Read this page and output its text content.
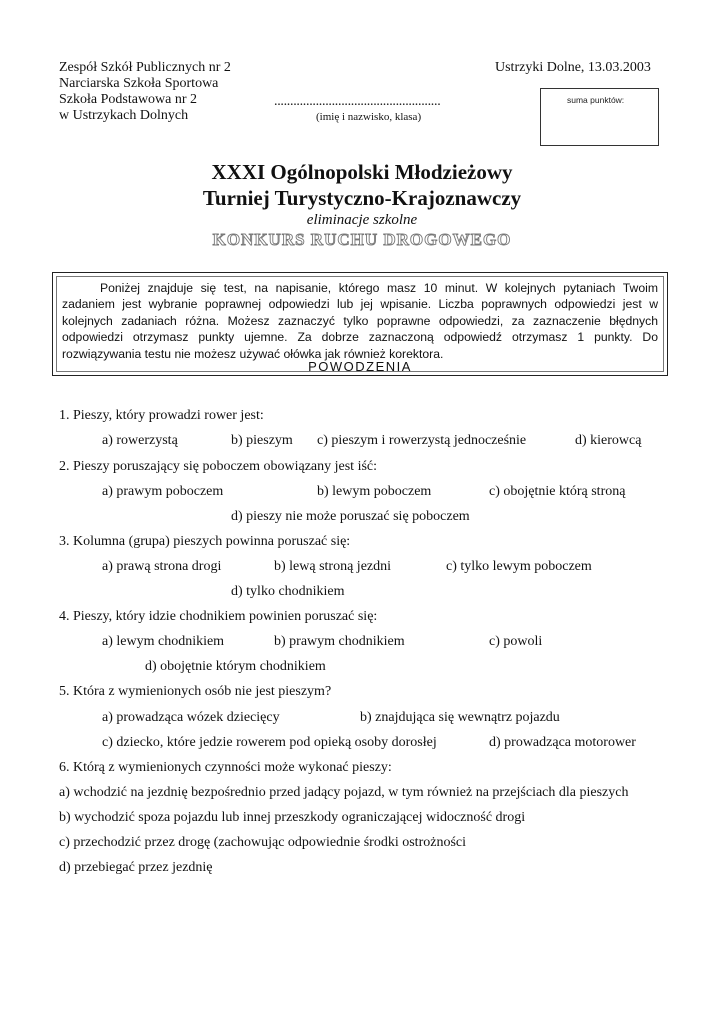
Zespół Szkół Publicznych nr 2
Narciarska Szkoła Sportowa
Szkoła Podstawowa nr 2
w Ustrzykach Dolnych
Ustrzyki Dolne, 13.03.2003
....................................................
(imię i nazwisko, klasa)
suma punktów:
XXXI Ogólnopolski Młodzieżowy
Turniej Turystyczno-Krajoznawczy
eliminacje szkolne
KONKURS RUCHU DROGOWEGO
Poniżej znajduje się test, na napisanie, którego masz 10 minut. W kolejnych pytaniach Twoim zadaniem jest wybranie poprawnej odpowiedzi lub jej wpisanie. Liczba poprawnych odpowiedzi jest w kolejnych zadaniach różna. Możesz zaznaczyć tylko poprawne odpowiedzi, za zaznaczenie błędnych odpowiedzi otrzymasz punkty ujemne. Za dobrze zaznaczoną odpowiedź otrzymasz 1 punkty. Do rozwiązywania testu nie możesz używać ołówka jak również korektora.
POWODZENIA
1. Pieszy, który prowadzi rower jest:
a) rowerzystą	b) pieszym c) pieszym i rowerzystą jednocześnie	d) kierowcą
2. Pieszy poruszający się poboczem obowiązany jest iść:
a) prawym poboczem	b) lewym poboczem	c) obojętnie którą stroną
d) pieszy nie może poruszać się poboczem
3. Kolumna (grupa) pieszych powinna poruszać się:
a) prawą strona drogi	b) lewą stroną jezdni	c) tylko lewym poboczem
d) tylko chodnikiem
4. Pieszy, który idzie chodnikiem powinien poruszać się:
a) lewym chodnikiem	b) prawym chodnikiem	c) powoli
d) obojętnie którym chodnikiem
5. Która z wymienionych osób nie jest pieszym?
a) prowadząca wózek dziecięcy	b) znajdująca się wewnątrz pojazdu
c) dziecko, które jedzie rowerem pod opieką osoby dorosłej	d) prowadząca motorower
6. Którą z wymienionych czynności może wykonać pieszy:
a) wchodzić na jezdnię bezpośrednio przed jadący pojazd, w tym również na przejściach dla pieszych
b) wychodzić spoza pojazdu lub innej przeszkody ograniczającej widoczność drogi
c) przechodzić przez drogę (zachowując odpowiednie środki ostrożności
d) przebiegać przez jezdnię
